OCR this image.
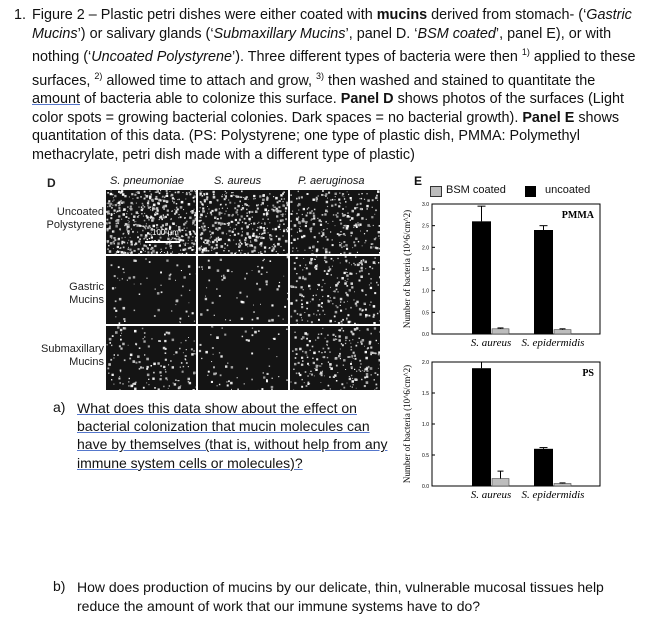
1. Figure 2 – Plastic petri dishes were either coated with mucins derived from stomach- (‘Gastric Mucins’) or salivary glands (‘Submaxillary Mucins’, panel D. ‘BSM coated’, panel E), or with nothing (‘Uncoated Polystyrene’). Three different types of bacteria were then $^{1)}$ applied to these surfaces, $^{2)}$ allowed time to attach and grow, $^{3)}$ then washed and stained to quantitate the amount of bacteria able to colonize this surface. Panel D shows photos of the surfaces (Light color spots = growing bacterial colonies. Dark spaces = no bacterial growth). Panel E shows quantitation of this data. (PS: Polystyrene; one type of plastic dish, PMMA: Polymethyl methacrylate, petri dish made with a different type of plastic)
D	S. pneumoniae	S. aureus	P. aeruginosa
Uncoated
Polystyrene
Gastric
Mucins
Submaxillary
Mucins
100 µm
E
BSM coated	uncoated
0.0
0.5
1.0
1.5
2.0
2.5
3.0
Number of bacteria (10^6/cm^2)	PMMA
S. aureus S. epidermidis
0.0
0.5
1.0
1.5
2.0
Number of bacteria (10^6/cm^2)	PS
S. aureus S. epidermidis
a) What does this data show about the effect on bacterial colonization that mucin molecules can have by themselves (that is, without help from any immune system cells or molecules)?
b) How does production of mucins by our delicate, thin, vulnerable mucosal tissues help reduce the amount of work that our immune systems have to do?
